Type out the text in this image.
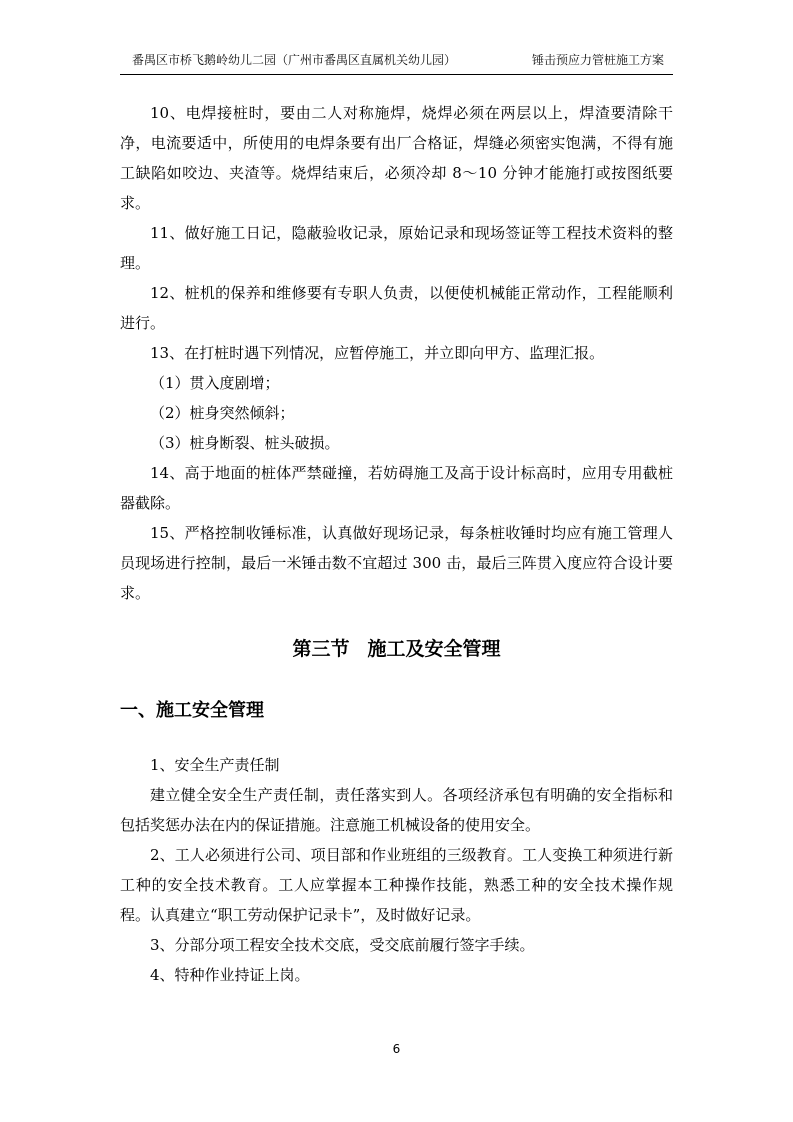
番禺区市桥飞鹅岭幼儿二园（广州市番禺区直属机关幼儿园）	锤击预应力管桩施工方案

10、电焊接桩时，要由二人对称施焊，烧焊必须在两层以上，焊渣要清除干净，电流要适中，所使用的电焊条要有出厂合格证，焊缝必须密实饱满，不得有施工缺陷如咬边、夹渣等。烧焊结束后，必须冷却 8～10 分钟才能施打或按图纸要求。

11、做好施工日记，隐蔽验收记录，原始记录和现场签证等工程技术资料的整理。

12、桩机的保养和维修要有专职人负责，以便使机械能正常动作，工程能顺利进行。

13、在打桩时遇下列情况，应暂停施工，并立即向甲方、监理汇报。

（1）贯入度剧增；

（2）桩身突然倾斜；

（3）桩身断裂、桩头破损。

14、高于地面的桩体严禁碰撞，若妨碍施工及高于设计标高时，应用专用截桩器截除。

15、严格控制收锤标准，认真做好现场记录，每条桩收锤时均应有施工管理人员现场进行控制，最后一米锤击数不宜超过 300 击，最后三阵贯入度应符合设计要求。

第三节 施工及安全管理
一、施工安全管理

1、安全生产责任制

建立健全安全生产责任制，责任落实到人。各项经济承包有明确的安全指标和包括奖惩办法在内的保证措施。注意施工机械设备的使用安全。

2、工人必须进行公司、项目部和作业班组的三级教育。工人变换工种须进行新工种的安全技术教育。工人应掌握本工种操作技能，熟悉工种的安全技术操作规程。认真建立“职工劳动保护记录卡”，及时做好记录。

3、分部分项工程安全技术交底，受交底前履行签字手续。

4、特种作业持证上岗。

6
